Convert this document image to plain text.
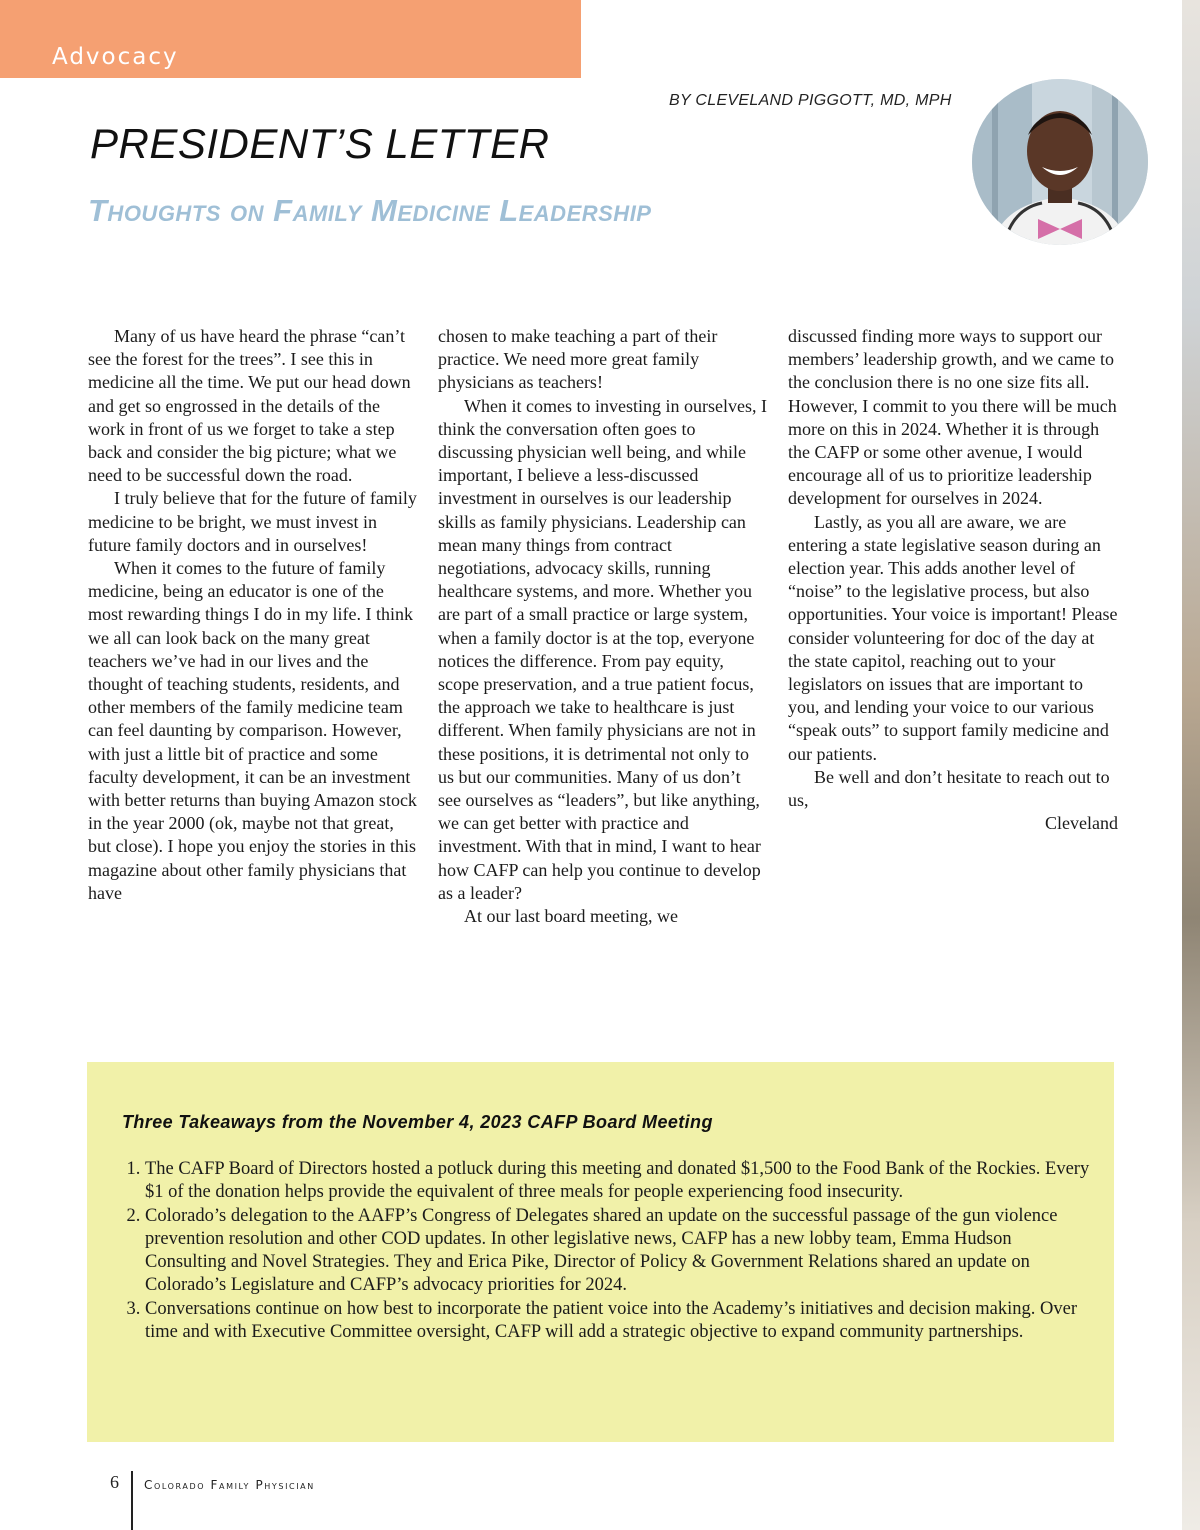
Advocacy
BY CLEVELAND PIGGOTT, MD, MPH
PRESIDENT’S LETTER
Thoughts on Family Medicine Leadership

Many of us have heard the phrase “can’t see the forest for the trees”. I see this in medicine all the time. We put our head down and get so engrossed in the details of the work in front of us we forget to take a step back and consider the big picture; what we need to be successful down the road.

I truly believe that for the future of family medicine to be bright, we must invest in future family doctors and in ourselves!

When it comes to the future of family medicine, being an educator is one of the most rewarding things I do in my life. I think we all can look back on the many great teachers we’ve had in our lives and the thought of teaching students, residents, and other members of the family medicine team can feel daunting by comparison. However, with just a little bit of practice and some faculty development, it can be an investment with better returns than buying Amazon stock in the year 2000 (ok, maybe not that great, but close). I hope you enjoy the stories in this magazine about other family physicians that have

chosen to make teaching a part of their practice. We need more great family physicians as teachers!

When it comes to investing in ourselves, I think the conversation often goes to discussing physician well being, and while important, I believe a less-discussed investment in ourselves is our leadership skills as family physicians. Leadership can mean many things from contract negotiations, advocacy skills, running healthcare systems, and more. Whether you are part of a small practice or large system, when a family doctor is at the top, everyone notices the difference. From pay equity, scope preservation, and a true patient focus, the approach we take to healthcare is just different. When family physicians are not in these positions, it is detrimental not only to us but our communities. Many of us don’t see ourselves as “leaders”, but like anything, we can get better with practice and investment. With that in mind, I want to hear how CAFP can help you continue to develop as a leader?

At our last board meeting, we

discussed finding more ways to support our members’ leadership growth, and we came to the conclusion there is no one size fits all. However, I commit to you there will be much more on this in 2024. Whether it is through the CAFP or some other avenue, I would encourage all of us to prioritize leadership development for ourselves in 2024.

Lastly, as you all are aware, we are entering a state legislative season during an election year. This adds another level of “noise” to the legislative process, but also opportunities. Your voice is important! Please consider volunteering for doc of the day at the state capitol, reaching out to your legislators on issues that are important to you, and lending your voice to our various “speak outs” to support family medicine and our patients.

Be well and don’t hesitate to reach out to us,

Cleveland

Three Takeaways from the November 4, 2023 CAFP Board Meeting
1. The CAFP Board of Directors hosted a potluck during this meeting and donated $1,500 to the Food Bank of the Rockies. Every $1 of the donation helps provide the equivalent of three meals for people experiencing food insecurity.
2. Colorado’s delegation to the AAFP’s Congress of Delegates shared an update on the successful passage of the gun violence prevention resolution and other COD updates. In other legislative news, CAFP has a new lobby team, Emma Hudson Consulting and Novel Strategies. They and Erica Pike, Director of Policy & Government Relations shared an update on Colorado’s Legislature and CAFP’s advocacy priorities for 2024.
3. Conversations continue on how best to incorporate the patient voice into the Academy’s initiatives and decision making. Over time and with Executive Committee oversight, CAFP will add a strategic objective to expand community partnerships.
6 Colorado Family Physician
